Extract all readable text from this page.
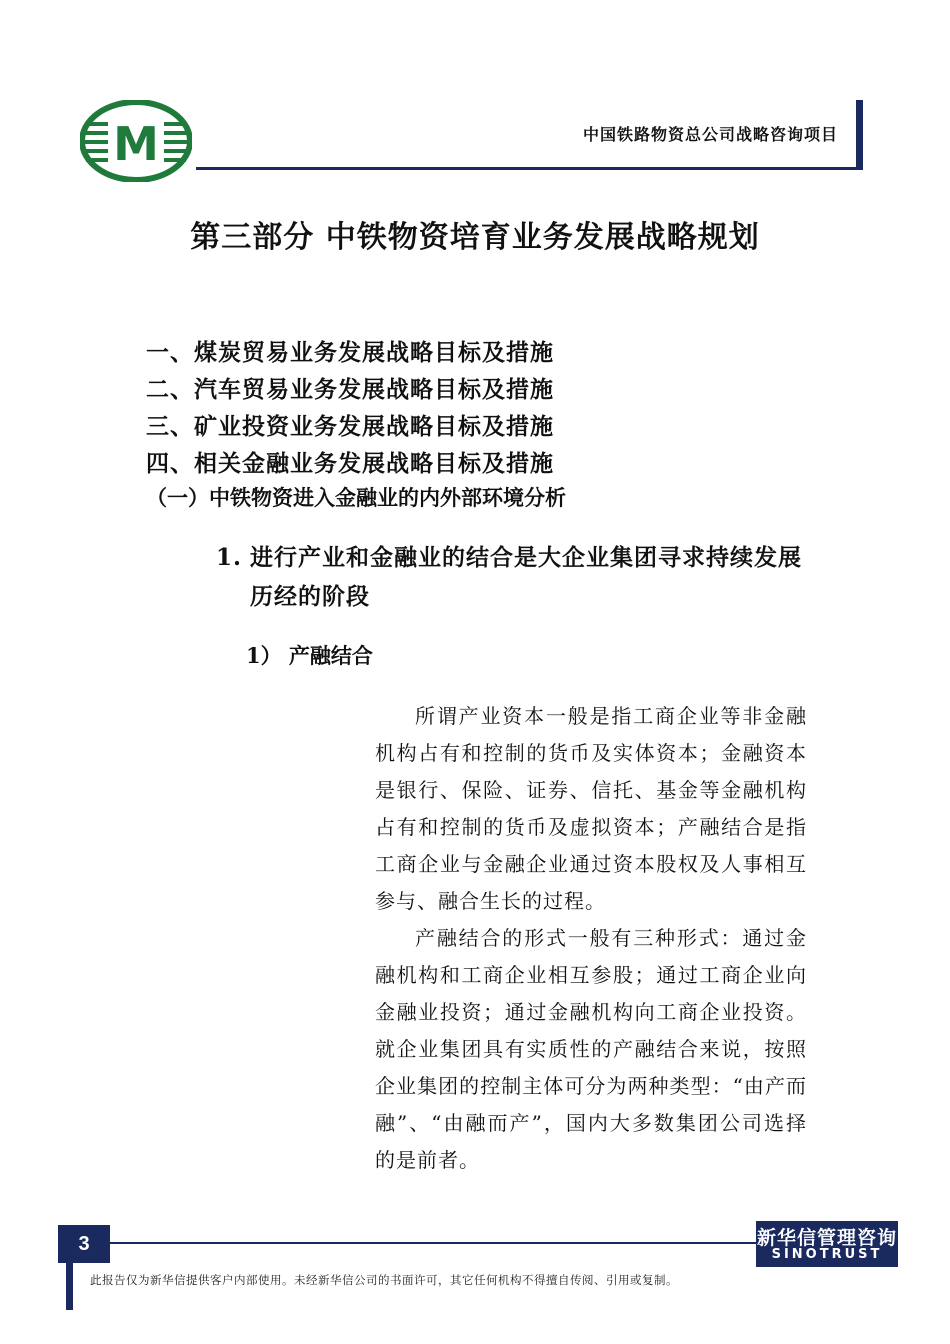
M	中国铁路物资总公司战略咨询项目
第三部分 中铁物资培育业务发展战略规划
一、煤炭贸易业务发展战略目标及措施
二、汽车贸易业务发展战略目标及措施
三、矿业投资业务发展战略目标及措施
四、相关金融业务发展战略目标及措施
（一）中铁物资进入金融业的内外部环境分析
1. 进行产业和金融业的结合是大企业集团寻求持续发展
历经的阶段
1） 产融结合
所谓产业资本一般是指工商企业等非金融机构占有和控制的货币及实体资本；金融资本是银行、保险、证券、信托、基金等金融机构占有和控制的货币及虚拟资本；产融结合是指工商企业与金融企业通过资本股权及人事相互参与、融合生长的过程。
产融结合的形式一般有三种形式：通过金融机构和工商企业相互参股；通过工商企业向金融业投资；通过金融机构向工商企业投资。就企业集团具有实质性的产融结合来说，按照企业集团的控制主体可分为两种类型：“由产而融”、“由融而产”，国内大多数集团公司选择的是前者。
3	新华信管理咨询
SINOTRUST
此报告仅为新华信提供客户内部使用。未经新华信公司的书面许可，其它任何机构不得擅自传阅、引用或复制。
